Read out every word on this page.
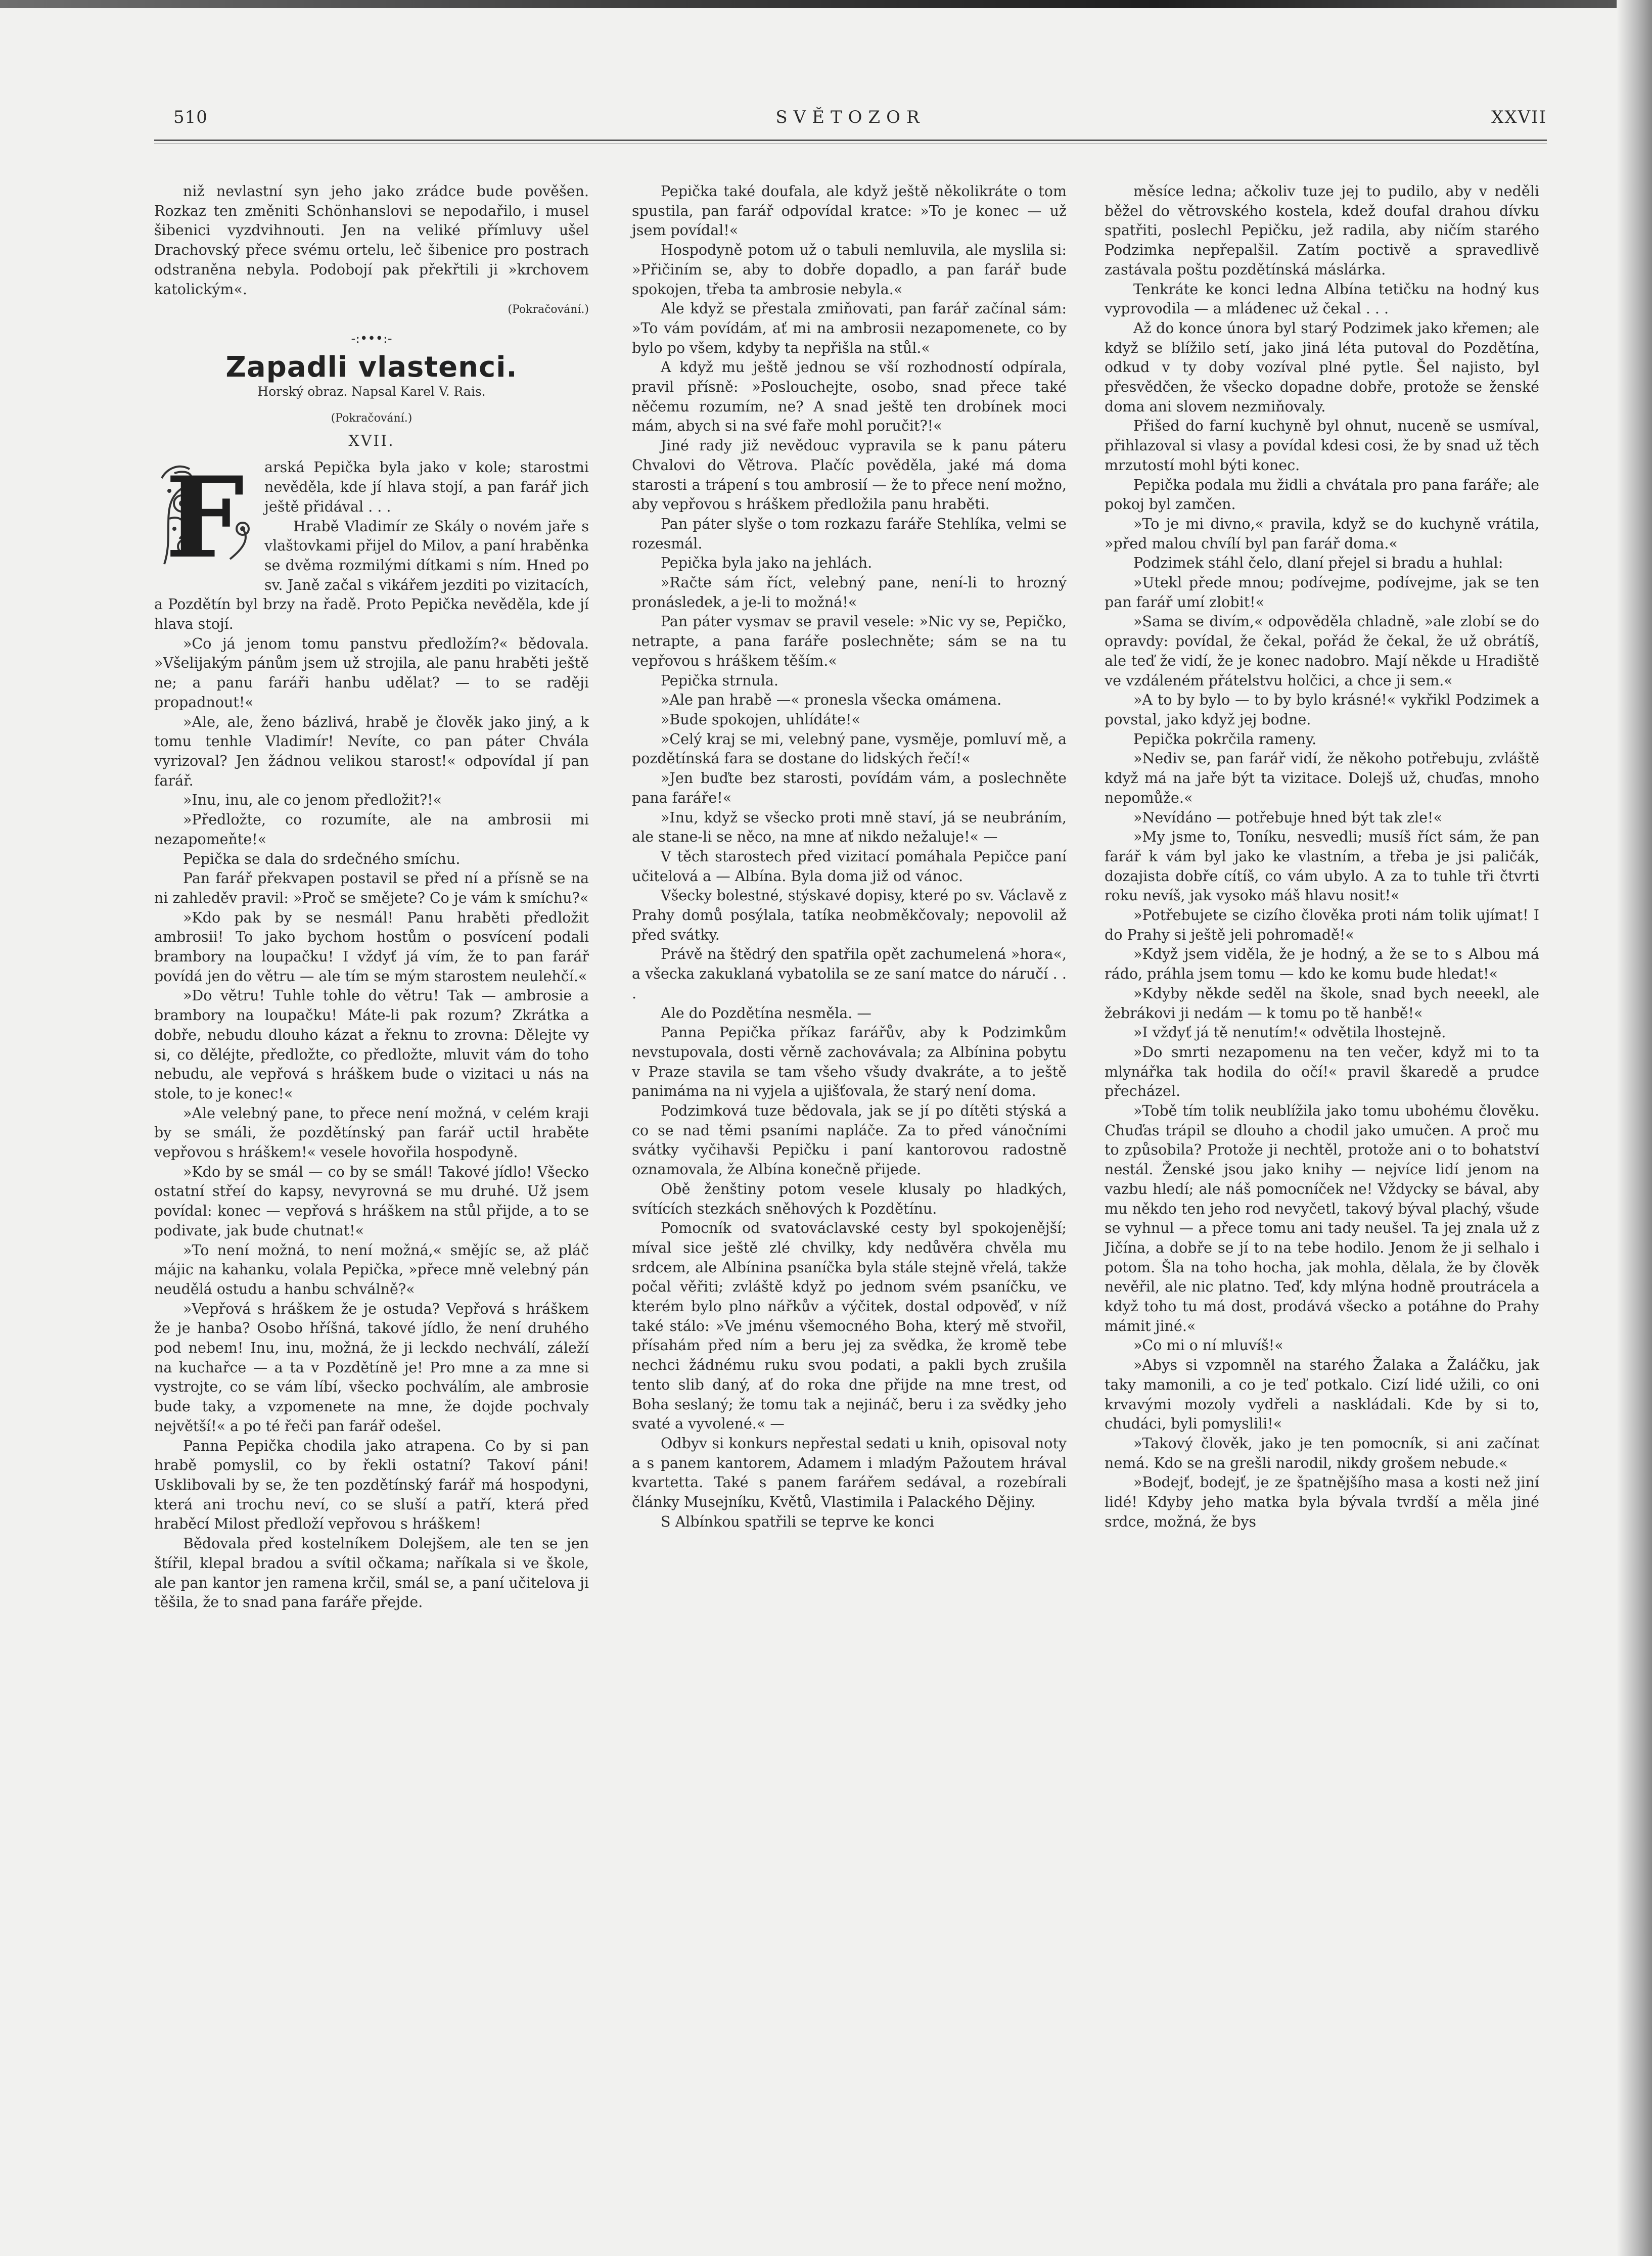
510	SVĚTOZOR	XXVII

niž nevlastní syn jeho jako zrádce bude pověšen. Rozkaz ten změniti Schönhanslovi se nepodařilo, i musel šibenici vyzdvihnouti. Jen na veliké přímluvy ušel Drachovský přece svému ortelu, leč šibenice pro postrach odstraněna nebyla. Podobojí pak překřtili ji »krchovem katolickým«.

(Pokračování.)
-:•••:-
Zapadli vlastenci.
Horský obraz. Napsal Karel V. Rais.
(Pokračování.)
XVII.
F	arská Pepička byla jako v kole; starostmi nevěděla, kde jí hlava stojí, a pan farář jich ještě přidával . . .

Hrabě Vladimír ze Skály o novém jaře s vlaštovkami přijel do Milov, a paní hraběnka se dvěma rozmilými dítkami s ním. Hned po sv. Janě začal s vikářem jezditi po vizitacích, a Pozdětín byl brzy na řadě. Proto Pepička nevěděla, kde jí hlava stojí.

»Co já jenom tomu panstvu předložím?« bědovala. »Všelijakým pánům jsem už strojila, ale panu hraběti ještě ne; a panu faráři hanbu udělat? — to se raději propadnout!«

»Ale, ale, ženo bázlivá, hrabě je člověk jako jiný, a k tomu tenhle Vladimír! Nevíte, co pan páter Chvála vyrizoval? Jen žádnou velikou starost!« odpovídal jí pan farář.

»Inu, inu, ale co jenom předložit?!«

»Předložte, co rozumíte, ale na ambrosii mi nezapomeňte!«

Pepička se dala do srdečného smíchu.

Pan farář překvapen postavil se před ní a přísně se na ni zahleděv pravil: »Proč se smějete? Co je vám k smíchu?«

»Kdo pak by se nesmál! Panu hraběti předložit ambrosii! To jako bychom hostům o posvícení podali brambory na loupačku! I vždyť já vím, že to pan farář povídá jen do větru — ale tím se mým starostem neulehčí.«

»Do větru! Tuhle tohle do větru! Tak — ambrosie a brambory na loupačku! Máte-li pak rozum? Zkrátka a dobře, nebudu dlouho kázat a řeknu to zrovna: Dělejte vy si, co děléjte, předložte, co předložte, mluvit vám do toho nebudu, ale vepřová s hráškem bude o vizitaci u nás na stole, to je konec!«

»Ale velebný pane, to přece není možná, v celém kraji by se smáli, že pozdětínský pan farář uctil hraběte vepřovou s hráškem!« vesele hovořila hospodyně.

»Kdo by se smál — co by se smál! Takové jídlo! Všecko ostatní střeí do kapsy, nevyrovná se mu druhé. Už jsem povídal: konec — vepřová s hráškem na stůl přijde, a to se podivate, jak bude chutnat!«

»To není možná, to není možná,« smějíc se, až pláč májic na kahanku, volala Pepička, »přece mně velebný pán neudělá ostudu a hanbu schválně?«

»Vepřová s hráškem že je ostuda? Vepřová s hráškem že je hanba? Osobo hříšná, takové jídlo, že není druhého pod nebem! Inu, inu, možná, že ji leckdo nechválí, záleží na kuchařce — a ta v Pozdětíně je! Pro mne a za mne si vystrojte, co se vám líbí, všecko pochválím, ale ambrosie bude taky, a vzpomenete na mne, že dojde pochvaly největší!« a po té řeči pan farář odešel.

Panna Pepička chodila jako atrapena. Co by si pan hrabě pomyslil, co by řekli ostatní? Takoví páni! Usklibovali by se, že ten pozdětínský farář má hospodyni, která ani trochu neví, co se sluší a patří, která před hraběcí Milost předloží vepřovou s hráškem!

Bědovala před kostelníkem Dolejšem, ale ten se jen štířil, klepal bradou a svítil očkama; naříkala si ve škole, ale pan kantor jen ramena krčil, smál se, a paní učitelova ji těšila, že to snad pana faráře přejde.

Pepička také doufala, ale když ještě několikráte o tom spustila, pan farář odpovídal kratce: »To je konec — už jsem povídal!«

Hospodyně potom už o tabuli nemluvila, ale myslila si: »Přičiním se, aby to dobře dopadlo, a pan farář bude spokojen, třeba ta ambrosie nebyla.«

Ale když se přestala zmiňovati, pan farář začínal sám: »To vám povídám, ať mi na ambrosii nezapomenete, co by bylo po všem, kdyby ta nepřišla na stůl.«

A když mu ještě jednou se vší rozhodností odpírala, pravil přísně: »Poslouchejte, osobo, snad přece také něčemu rozumím, ne? A snad ještě ten drobínek moci mám, abych si na své faře mohl poručit?!«

Jiné rady již nevědouc vypravila se k panu páteru Chvalovi do Větrova. Plačíc pověděla, jaké má doma starosti a trápení s tou ambrosií — že to přece není možno, aby vepřovou s hráškem předložila panu hraběti.

Pan páter slyše o tom rozkazu faráře Stehlíka, velmi se rozesmál.

Pepička byla jako na jehlách.

»Račte sám říct, velebný pane, není-li to hrozný pronásledek, a je-li to možná!«

Pan páter vysmav se pravil vesele: »Nic vy se, Pepičko, netrapte, a pana faráře poslechněte; sám se na tu vepřovou s hráškem těším.«

Pepička strnula.

»Ale pan hrabě —« pronesla všecka omámena.

»Bude spokojen, uhlídáte!«

»Celý kraj se mi, velebný pane, vysměje, pomluví mě, a pozdětínská fara se dostane do lidských řečí!«

»Jen buďte bez starosti, povídám vám, a poslechněte pana faráře!«

»Inu, když se všecko proti mně staví, já se neubráním, ale stane-li se něco, na mne ať nikdo nežaluje!« —

V těch starostech před vizitací pomáhala Pepičce paní učitelová a — Albína. Byla doma již od vánoc.

Všecky bolestné, stýskavé dopisy, které po sv. Václavě z Prahy domů posýlala, tatíka neobměkčovaly; nepovolil až před svátky.

Právě na štědrý den spatřila opět zachumelená »hora«, a všecka zakuklaná vybatolila se ze saní matce do náručí . . .

Ale do Pozdětína nesměla. —

Panna Pepička příkaz farářův, aby k Podzimkům nevstupovala, dosti věrně zachovávala; za Albínina pobytu v Praze stavila se tam všeho všudy dvakráte, a to ještě panimáma na ni vyjela a ujišťovala, že starý není doma.

Podzimková tuze bědovala, jak se jí po dítěti stýská a co se nad těmi psaními napláče. Za to před vánočními svátky vyčihavši Pepičku i paní kantorovou radostně oznamovala, že Albína konečně přijede.

Obě ženštiny potom vesele klusaly po hladkých, svítících stezkách sněhových k Pozdětínu.

Pomocník od svatováclavské cesty byl spokojenější; míval sice ještě zlé chvilky, kdy nedůvěra chvěla mu srdcem, ale Albínina psaníčka byla stále stejně vřelá, takže počal věřiti; zvláště když po jednom svém psaníčku, ve kterém bylo plno nářkův a výčitek, dostal odpověď, v níž také stálo: »Ve jménu všemocného Boha, který mě stvořil, přísahám před ním a beru jej za svědka, že kromě tebe nechci žádnému ruku svou podati, a pakli bych zrušila tento slib daný, ať do roka dne přijde na mne trest, od Boha seslaný; že tomu tak a nejináč, beru i za svědky jeho svaté a vyvolené.« —

Odbyv si konkurs nepřestal sedati u knih, opisoval noty a s panem kantorem, Adamem i mladým Pažoutem hrával kvartetta. Také s panem farářem sedával, a rozebírali články Musejníku, Květů, Vlastimila i Palackého Dějiny.

S Albínkou spatřili se teprve ke konci

měsíce ledna; ačkoliv tuze jej to pudilo, aby v neděli běžel do větrovského kostela, kdež doufal drahou dívku spatřiti, poslechl Pepičku, jež radila, aby ničím starého Podzimka nepřepalšil. Zatím poctivě a spravedlivě zastávala poštu pozdětínská máslárka.

Tenkráte ke konci ledna Albína tetičku na hodný kus vyprovodila — a mládenec už čekal . . .

Až do konce února byl starý Podzimek jako křemen; ale když se blížilo setí, jako jiná léta putoval do Pozdětína, odkud v ty doby vozíval plné pytle. Šel najisto, byl přesvědčen, že všecko dopadne dobře, protože se ženské doma ani slovem nezmiňovaly.

Přišed do farní kuchyně byl ohnut, nuceně se usmíval, přihlazoval si vlasy a povídal kdesi cosi, že by snad už těch mrzutostí mohl býti konec.

Pepička podala mu židli a chvátala pro pana faráře; ale pokoj byl zamčen.

»To je mi divno,« pravila, když se do kuchyně vrátila, »před malou chvílí byl pan farář doma.«

Podzimek stáhl čelo, dlaní přejel si bradu a huhlal:

»Utekl přede mnou; podívejme, podívejme, jak se ten pan farář umí zlobit!«

»Sama se divím,« odpověděla chladně, »ale zlobí se do opravdy: povídal, že čekal, pořád že čekal, že už obrátíš, ale teď že vidí, že je konec nadobro. Mají někde u Hradiště ve vzdáleném přátelstvu holčici, a chce ji sem.«

»A to by bylo — to by bylo krásné!« vykřikl Podzimek a povstal, jako když jej bodne.

Pepička pokrčila rameny.

»Nediv se, pan farář vidí, že někoho potřebuju, zvláště když má na jaře být ta vizitace. Dolejš už, chuďas, mnoho nepomůže.«

»Nevídáno — potřebuje hned být tak zle!«

»My jsme to, Toníku, nesvedli; musíš říct sám, že pan farář k vám byl jako ke vlastním, a třeba je jsi paličák, dozajista dobře cítíš, co vám ubylo. A za to tuhle tři čtvrti roku nevíš, jak vysoko máš hlavu nosit!«

»Potřebujete se cizího člověka proti nám tolik ujímat! I do Prahy si ještě jeli pohromadě!«

»Když jsem viděla, že je hodný, a že se to s Albou má rádo, práhla jsem tomu — kdo ke komu bude hledat!«

»Kdyby někde seděl na škole, snad bych neeekl, ale žebrákovi ji nedám — k tomu po tě hanbě!«

»I vždyť já tě nenutím!« odvětila lhostejně.

»Do smrti nezapomenu na ten večer, když mi to ta mlynářka tak hodila do očí!« pravil škaredě a prudce přecházel.

»Tobě tím tolik neublížila jako tomu ubohému člověku. Chuďas trápil se dlouho a chodil jako umučen. A proč mu to způsobila? Protože ji nechtěl, protože ani o to bohatství nestál. Ženské jsou jako knihy — nejvíce lidí jenom na vazbu hledí; ale náš pomocníček ne! Vždycky se bával, aby mu někdo ten jeho rod nevyčetl, takový býval plachý, všude se vyhnul — a přece tomu ani tady neušel. Ta jej znala už z Jičína, a dobře se jí to na tebe hodilo. Jenom že ji selhalo i potom. Šla na toho hocha, jak mohla, dělala, že by člověk nevěřil, ale nic platno. Teď, kdy mlýna hodně proutrácela a když toho tu má dost, prodává všecko a potáhne do Prahy mámit jiné.«

»Co mi o ní mluvíš!«

»Abys si vzpomněl na starého Žalaka a Žaláčku, jak taky mamonili, a co je teď potkalo. Cizí lidé užili, co oni krvavými mozoly vydřeli a naskládali. Kde by si to, chudáci, byli pomyslili!«

»Takový člověk, jako je ten pomocník, si ani začínat nemá. Kdo se na grešli narodil, nikdy grošem nebude.«

»Bodejť, bodejť, je ze špatnějšího masa a kosti než jiní lidé! Kdyby jeho matka byla bývala tvrdší a měla jiné srdce, možná, že bys
